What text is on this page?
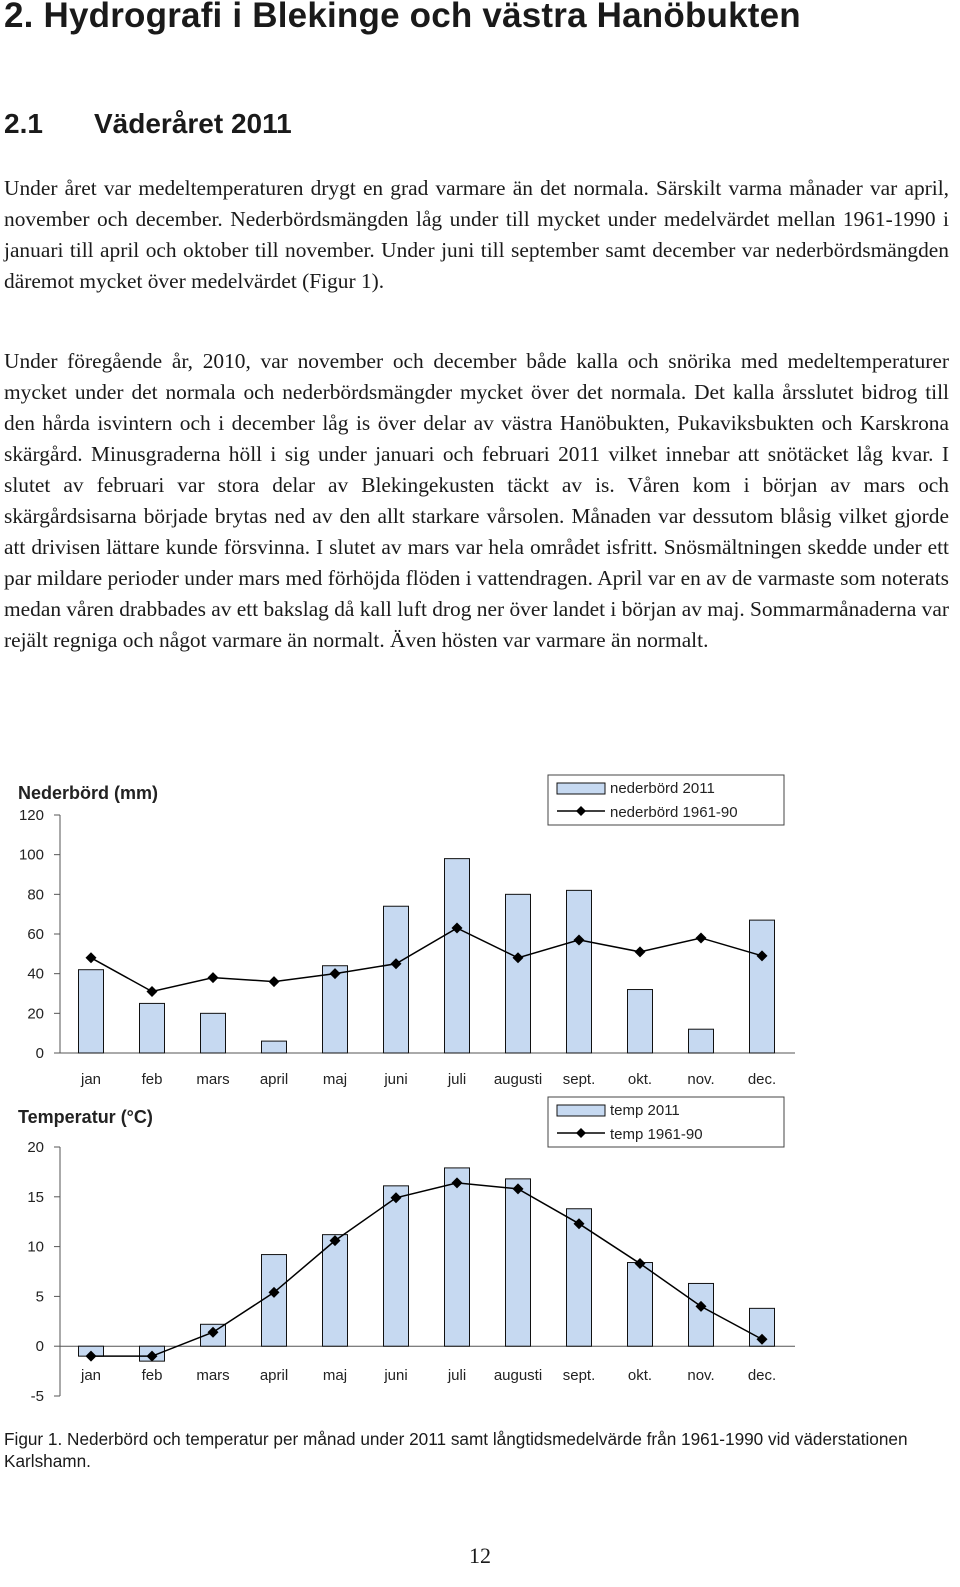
2. Hydrografi i Blekinge och västra Hanöbukten
2.1 Väderåret 2011

Under året var medeltemperaturen drygt en grad varmare än det normala. Särskilt varma månader var april, november och december. Nederbördsmängden låg under till mycket under medelvärdet mellan 1961-1990 i januari till april och oktober till november. Under juni till september samt december var nederbördsmängden däremot mycket över medelvärdet (Figur 1).

Under föregående år, 2010, var november och december både kalla och snörika med medeltemperaturer mycket under det normala och nederbördsmängder mycket över det normala. Det kalla årsslutet bidrog till den hårda isvintern och i december låg is över delar av västra Hanöbukten, Pukaviksbukten och Karskrona skärgård. Minusgraderna höll i sig under januari och februari 2011 vilket innebar att snötäcket låg kvar. I slutet av februari var stora delar av Blekingekusten täckt av is. Våren kom i början av mars och skärgårdsisarna började brytas ned av den allt starkare vårsolen. Månaden var dessutom blåsig vilket gjorde att drivisen lättare kunde försvinna. I slutet av mars var hela området isfritt. Snösmältningen skedde under ett par mildare perioder under mars med förhöjda flöden i vattendragen. April var en av de varmaste som noterats medan våren drabbades av ett bakslag då kall luft drog ner över landet i början av maj. Sommarmånaderna var rejält regniga och något varmare än normalt. Även hösten var varmare än normalt.

Nederbörd (mm)
0
20
40
60
80
100
120
jan	feb mars april maj juni	juli augusti sept. okt. nov. dec.
nederbörd 2011
nederbörd 1961-90
Temperatur (°C)
-5
0
5
10
15
20
jan	feb mars april maj juni	juli augusti sept. okt. nov. dec.
temp 2011
temp 1961-90

Figur 1. Nederbörd och temperatur per månad under 2011 samt långtidsmedelvärde från 1961-1990 vid väderstationen Karlshamn.

12
